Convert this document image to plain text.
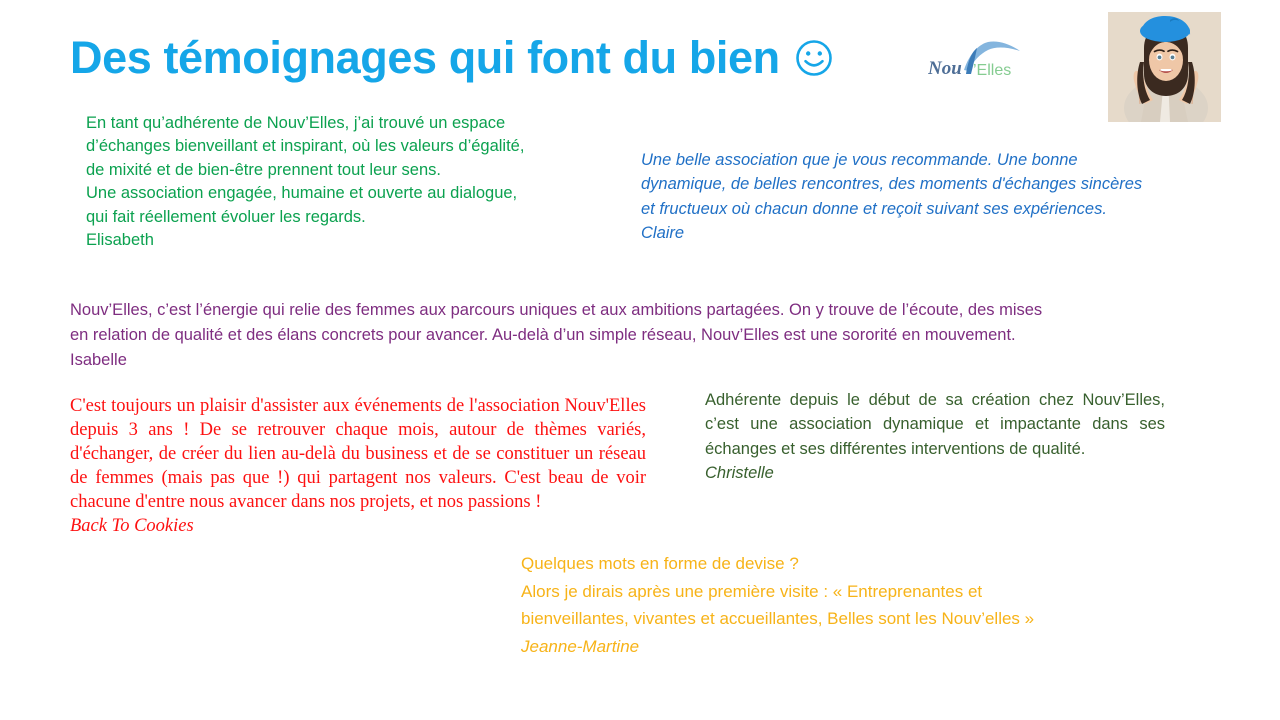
Des témoignages qui font du bien	Nou ’Elles
En tant qu’adhérente de Nouv’Elles, j’ai trouvé un espace
d’échanges bienveillant et inspirant, où les valeurs d’égalité,
de mixité et de bien-être prennent tout leur sens.
Une association engagée, humaine et ouverte au dialogue,
qui fait réellement évoluer les regards.
Elisabeth
Une belle association que je vous recommande. Une bonne
dynamique, de belles rencontres, des moments d'échanges sincères
et fructueux où chacun donne et reçoit suivant ses expériences.
Claire
Nouv’Elles, c’est l’énergie qui relie des femmes aux parcours uniques et aux ambitions partagées. On y trouve de l’écoute, des mises
en relation de qualité et des élans concrets pour avancer. Au-delà d’un simple réseau, Nouv’Elles est une sororité en mouvement.
Isabelle
C'est toujours un plaisir d'assister aux événements de l'association Nouv'Elles depuis 3 ans ! De se retrouver chaque mois, autour de thèmes variés, d'échanger, de créer du lien au-delà du business et de se constituer un réseau de femmes (mais pas que !) qui partagent nos valeurs. C'est beau de voir chacune d'entre nous avancer dans nos projets, et nos passions !
Back To Cookies
Adhérente depuis le début de sa création chez Nouv’Elles, c’est une association dynamique et impactante dans ses échanges et ses différentes interventions de qualité.
Christelle
Quelques mots en forme de devise ?
Alors je dirais après une première visite : « Entreprenantes et
bienveillantes, vivantes et accueillantes, Belles sont les Nouv’elles »
Jeanne-Martine
